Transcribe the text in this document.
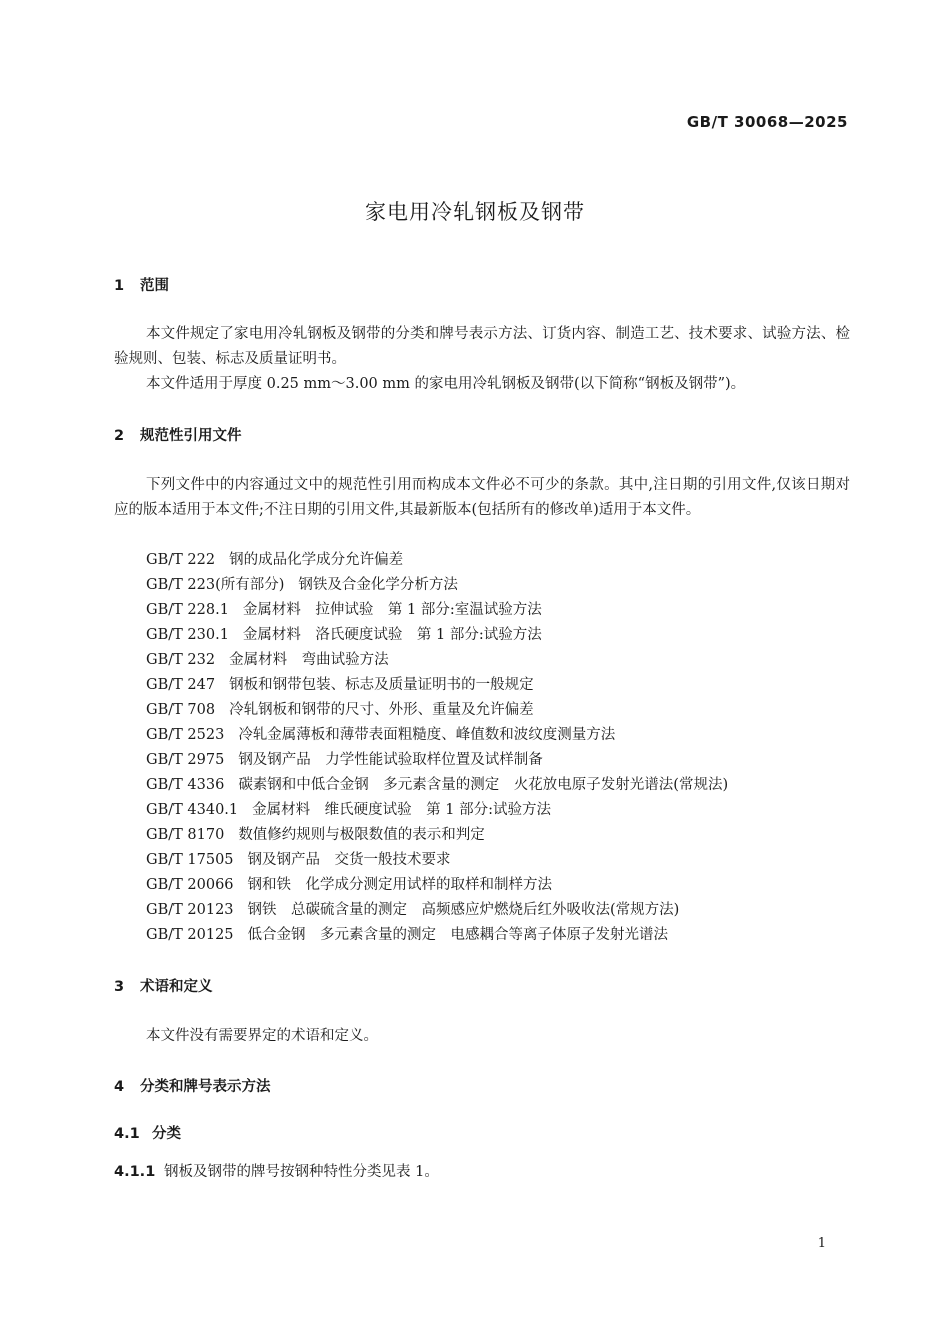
GB/T 30068—2025
家电用冷轧钢板及钢带
1 范围
本文件规定了家电用冷轧钢板及钢带的分类和牌号表示方法、订货内容、制造工艺、技术要求、试验方法、检验规则、包装、标志及质量证明书。
本文件适用于厚度 0.25 mm～3.00 mm 的家电用冷轧钢板及钢带(以下简称“钢板及钢带”)。
2 规范性引用文件
下列文件中的内容通过文中的规范性引用而构成本文件必不可少的条款。其中,注日期的引用文件,仅该日期对应的版本适用于本文件;不注日期的引用文件,其最新版本(包括所有的修改单)适用于本文件。
GB/T 222 钢的成品化学成分允许偏差
GB/T 223(所有部分) 钢铁及合金化学分析方法
GB/T 228.1 金属材料　拉伸试验　第 1 部分:室温试验方法
GB/T 230.1 金属材料　洛氏硬度试验　第 1 部分:试验方法
GB/T 232 金属材料　弯曲试验方法
GB/T 247 钢板和钢带包装、标志及质量证明书的一般规定
GB/T 708 冷轧钢板和钢带的尺寸、外形、重量及允许偏差
GB/T 2523 冷轧金属薄板和薄带表面粗糙度、峰值数和波纹度测量方法
GB/T 2975 钢及钢产品　力学性能试验取样位置及试样制备
GB/T 4336 碳素钢和中低合金钢　多元素含量的测定　火花放电原子发射光谱法(常规法)
GB/T 4340.1 金属材料　维氏硬度试验　第 1 部分:试验方法
GB/T 8170 数值修约规则与极限数值的表示和判定
GB/T 17505 钢及钢产品　交货一般技术要求
GB/T 20066 钢和铁　化学成分测定用试样的取样和制样方法
GB/T 20123 钢铁　总碳硫含量的测定　高频感应炉燃烧后红外吸收法(常规方法)
GB/T 20125 低合金钢　多元素含量的测定　电感耦合等离子体原子发射光谱法
3 术语和定义
本文件没有需要界定的术语和定义。
4 分类和牌号表示方法
4.1 分类
4.1.1 钢板及钢带的牌号按钢种特性分类见表 1。
1
